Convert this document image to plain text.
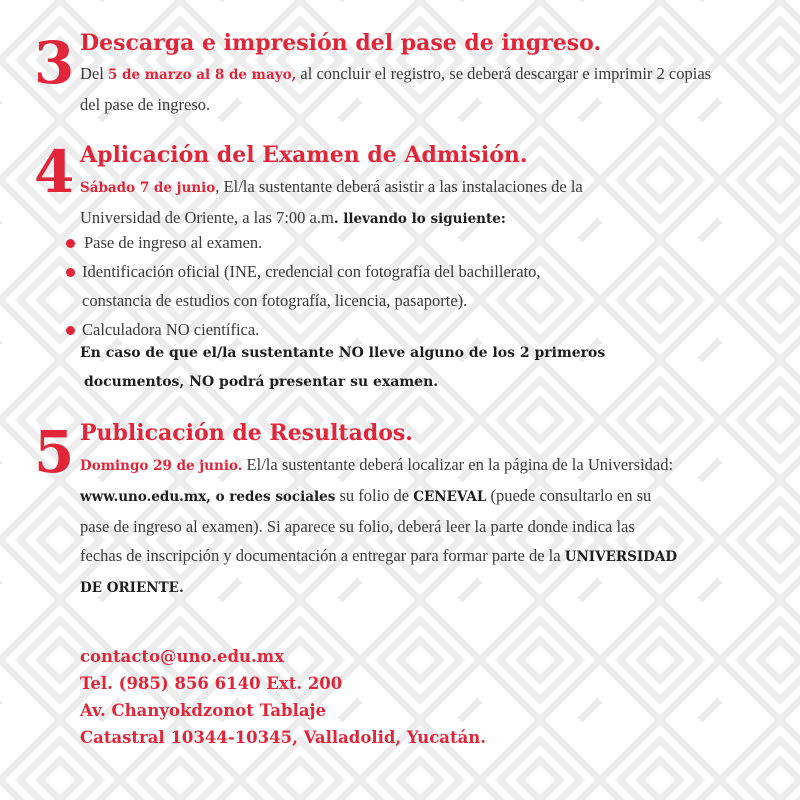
3 Descarga e impresión del pase de ingreso.
Del 5 de marzo al 8 de mayo, al concluir el registro, se deberá descargar e imprimir 2 copias del pase de ingreso.
4 Aplicación del Examen de Admisión.
Sábado 7 de junio, El/la sustentante deberá asistir a las instalaciones de la Universidad de Oriente, a las 7:00 a.m. llevando lo siguiente:
Pase de ingreso al examen.
Identificación oficial (INE, credencial con fotografía del bachillerato, constancia de estudios con fotografía, licencia, pasaporte).
Calculadora NO científica.
En caso de que el/la sustentante NO lleve alguno de los 2 primeros
documentos, NO podrá presentar su examen.
5 Publicación de Resultados.
Domingo 29 de junio. El/la sustentante deberá localizar en la página de la Universidad: www.uno.edu.mx, o redes sociales su folio de CENEVAL (puede consultarlo en su pase de ingreso al examen). Si aparece su folio, deberá leer la parte donde indica las fechas de inscripción y documentación a entregar para formar parte de la UNIVERSIDAD DE ORIENTE.
contacto@uno.edu.mx
Tel. (985) 856 6140 Ext. 200
Av. Chanyokdzonot Tablaje
Catastral 10344-10345, Valladolid, Yucatán.
